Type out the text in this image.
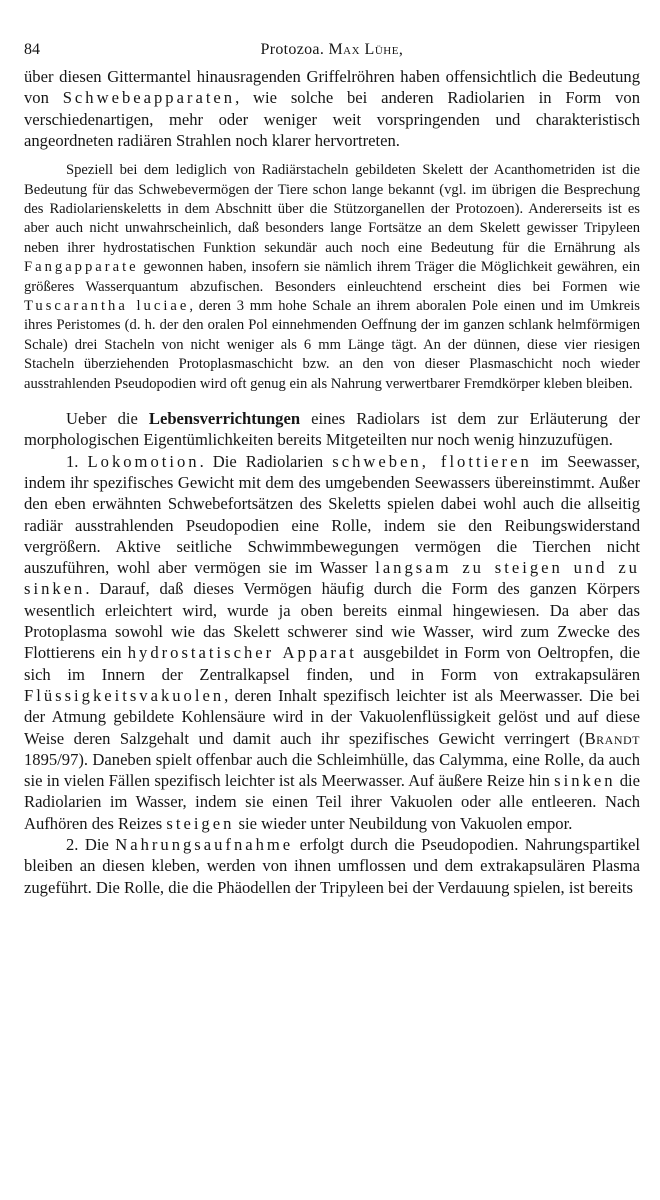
84	Protozoa. Max Lühe,

über diesen Gittermantel hinausragenden Griffelröhren haben offensichtlich die Bedeutung von Schwebeapparaten, wie solche bei anderen Radiolarien in Form von verschiedenartigen, mehr oder weniger weit vorspringenden und charakteristisch angeordneten radiären Strahlen noch klarer hervortreten.

Speziell bei dem lediglich von Radiärstacheln gebildeten Skelett der Acanthometriden ist die Bedeutung für das Schwebevermögen der Tiere schon lange bekannt (vgl. im übrigen die Besprechung des Radiolarienskeletts in dem Abschnitt über die Stützorganellen der Protozoen). Andererseits ist es aber auch nicht unwahrscheinlich, daß besonders lange Fortsätze an dem Skelett gewisser Tripyleen neben ihrer hydrostatischen Funktion sekundär auch noch eine Bedeutung für die Ernährung als Fangapparate gewonnen haben, insofern sie nämlich ihrem Träger die Möglichkeit gewähren, ein größeres Wasserquantum abzufischen. Besonders einleuchtend erscheint dies bei Formen wie Tuscarantha luciae, deren 3 mm hohe Schale an ihrem aboralen Pole einen und im Umkreis ihres Peristomes (d. h. der den oralen Pol einnehmenden Oeffnung der im ganzen schlank helmförmigen Schale) drei Stacheln von nicht weniger als 6 mm Länge tägt. An der dünnen, diese vier riesigen Stacheln überziehenden Protoplasmaschicht bzw. an den von dieser Plasmaschicht noch wieder ausstrahlenden Pseudopodien wird oft genug ein als Nahrung verwertbarer Fremdkörper kleben bleiben.

Ueber die Lebensverrichtungen eines Radiolars ist dem zur Erläuterung der morphologischen Eigentümlichkeiten bereits Mitgeteilten nur noch wenig hinzuzufügen.

1. Lokomotion. Die Radiolarien schweben, flottieren im Seewasser, indem ihr spezifisches Gewicht mit dem des umgebenden Seewassers übereinstimmt. Außer den eben erwähnten Schwebefortsätzen des Skeletts spielen dabei wohl auch die allseitig radiär ausstrahlenden Pseudopodien eine Rolle, indem sie den Reibungswiderstand vergrößern. Aktive seitliche Schwimmbewegungen vermögen die Tierchen nicht auszuführen, wohl aber vermögen sie im Wasser langsam zu steigen und zu sinken. Darauf, daß dieses Vermögen häufig durch die Form des ganzen Körpers wesentlich erleichtert wird, wurde ja oben bereits einmal hingewiesen. Da aber das Protoplasma sowohl wie das Skelett schwerer sind wie Wasser, wird zum Zwecke des Flottierens ein hydrostatischer Apparat ausgebildet in Form von Oeltropfen, die sich im Innern der Zentralkapsel finden, und in Form von extrakapsulären Flüssigkeitsvakuolen, deren Inhalt spezifisch leichter ist als Meerwasser. Die bei der Atmung gebildete Kohlensäure wird in der Vakuolenflüssigkeit gelöst und auf diese Weise deren Salzgehalt und damit auch ihr spezifisches Gewicht verringert (Brandt 1895/97). Daneben spielt offenbar auch die Schleimhülle, das Calymma, eine Rolle, da auch sie in vielen Fällen spezifisch leichter ist als Meerwasser. Auf äußere Reize hin sinken die Radiolarien im Wasser, indem sie einen Teil ihrer Vakuolen oder alle entleeren. Nach Aufhören des Reizes steigen sie wieder unter Neubildung von Vakuolen empor.

2. Die Nahrungsaufnahme erfolgt durch die Pseudopodien. Nahrungspartikel bleiben an diesen kleben, werden von ihnen umflossen und dem extrakapsulären Plasma zugeführt. Die Rolle, die die Phäodellen der Tripyleen bei der Verdauung spielen, ist bereits
